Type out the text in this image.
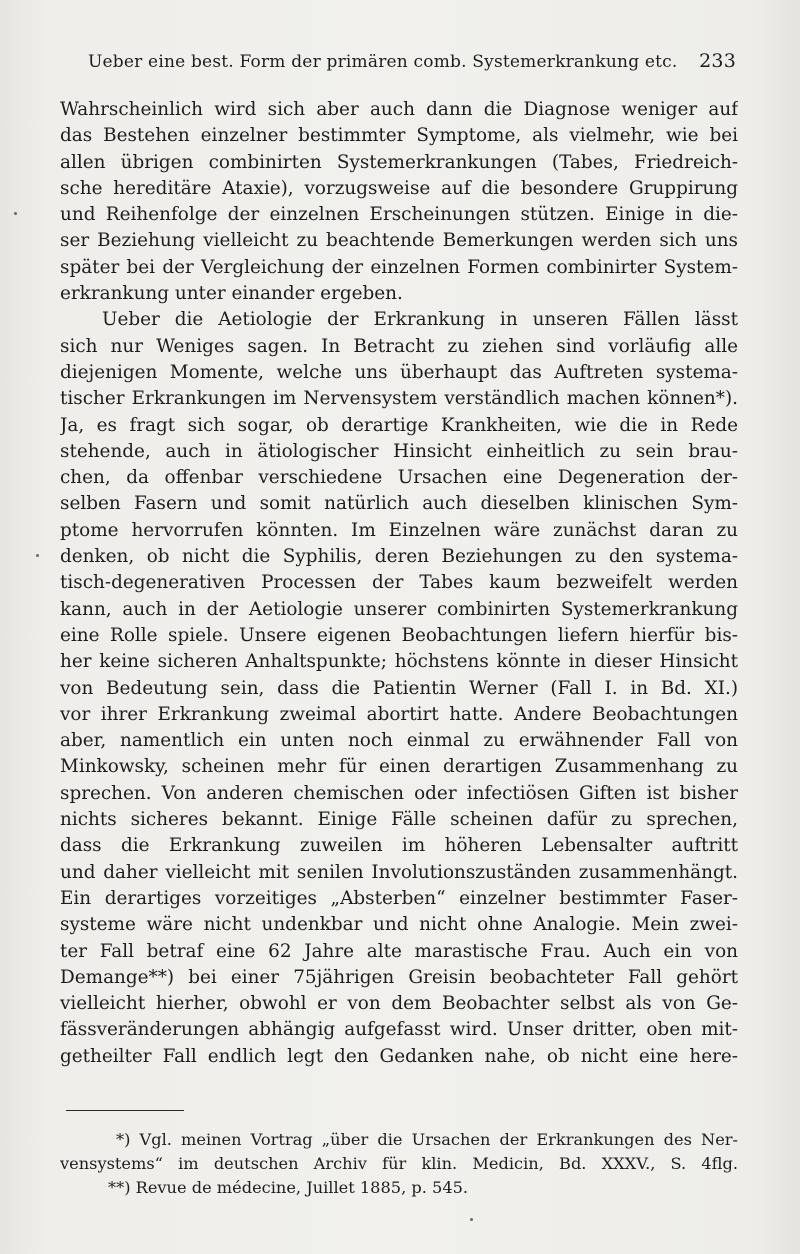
Ueber eine best. Form der primären comb. Systemerkrankung etc. 233
Wahrscheinlich wird sich aber auch dann die Diagnose weniger auf
das Bestehen einzelner bestimmter Symptome, als vielmehr, wie bei
allen übrigen combinirten Systemerkrankungen (Tabes, Friedreich-
sche hereditäre Ataxie), vorzugsweise auf die besondere Gruppirung
und Reihenfolge der einzelnen Erscheinungen stützen. Einige in die-
ser Beziehung vielleicht zu beachtende Bemerkungen werden sich uns
später bei der Vergleichung der einzelnen Formen combinirter System-
erkrankung unter einander ergeben.
Ueber die Aetiologie der Erkrankung in unseren Fällen lässt
sich nur Weniges sagen. In Betracht zu ziehen sind vorläufig alle
diejenigen Momente, welche uns überhaupt das Auftreten systema-
tischer Erkrankungen im Nervensystem verständlich machen können*).
Ja, es fragt sich sogar, ob derartige Krankheiten, wie die in Rede
stehende, auch in ätiologischer Hinsicht einheitlich zu sein brau-
chen, da offenbar verschiedene Ursachen eine Degeneration der-
selben Fasern und somit natürlich auch dieselben klinischen Sym-
ptome hervorrufen könnten. Im Einzelnen wäre zunächst daran zu
denken, ob nicht die Syphilis, deren Beziehungen zu den systema-
tisch-degenerativen Processen der Tabes kaum bezweifelt werden
kann, auch in der Aetiologie unserer combinirten Systemerkrankung
eine Rolle spiele. Unsere eigenen Beobachtungen liefern hierfür bis-
her keine sicheren Anhaltspunkte; höchstens könnte in dieser Hinsicht
von Bedeutung sein, dass die Patientin Werner (Fall I. in Bd. XI.)
vor ihrer Erkrankung zweimal abortirt hatte. Andere Beobachtungen
aber, namentlich ein unten noch einmal zu erwähnender Fall von
Minkowsky, scheinen mehr für einen derartigen Zusammenhang zu
sprechen. Von anderen chemischen oder infectiösen Giften ist bisher
nichts sicheres bekannt. Einige Fälle scheinen dafür zu sprechen,
dass die Erkrankung zuweilen im höheren Lebensalter auftritt
und daher vielleicht mit senilen Involutionszuständen zusammenhängt.
Ein derartiges vorzeitiges „Absterben“ einzelner bestimmter Faser-
systeme wäre nicht undenkbar und nicht ohne Analogie. Mein zwei-
ter Fall betraf eine 62 Jahre alte marastische Frau. Auch ein von
Demange**) bei einer 75jährigen Greisin beobachteter Fall gehört
vielleicht hierher, obwohl er von dem Beobachter selbst als von Ge-
fässveränderungen abhängig aufgefasst wird. Unser dritter, oben mit-
getheilter Fall endlich legt den Gedanken nahe, ob nicht eine here-
*) Vgl. meinen Vortrag „über die Ursachen der Erkrankungen des Ner-
vensystems“ im deutschen Archiv für klin. Medicin, Bd. XXXV., S. 4flg.
**) Revue de médecine, Juillet 1885, p. 545.
